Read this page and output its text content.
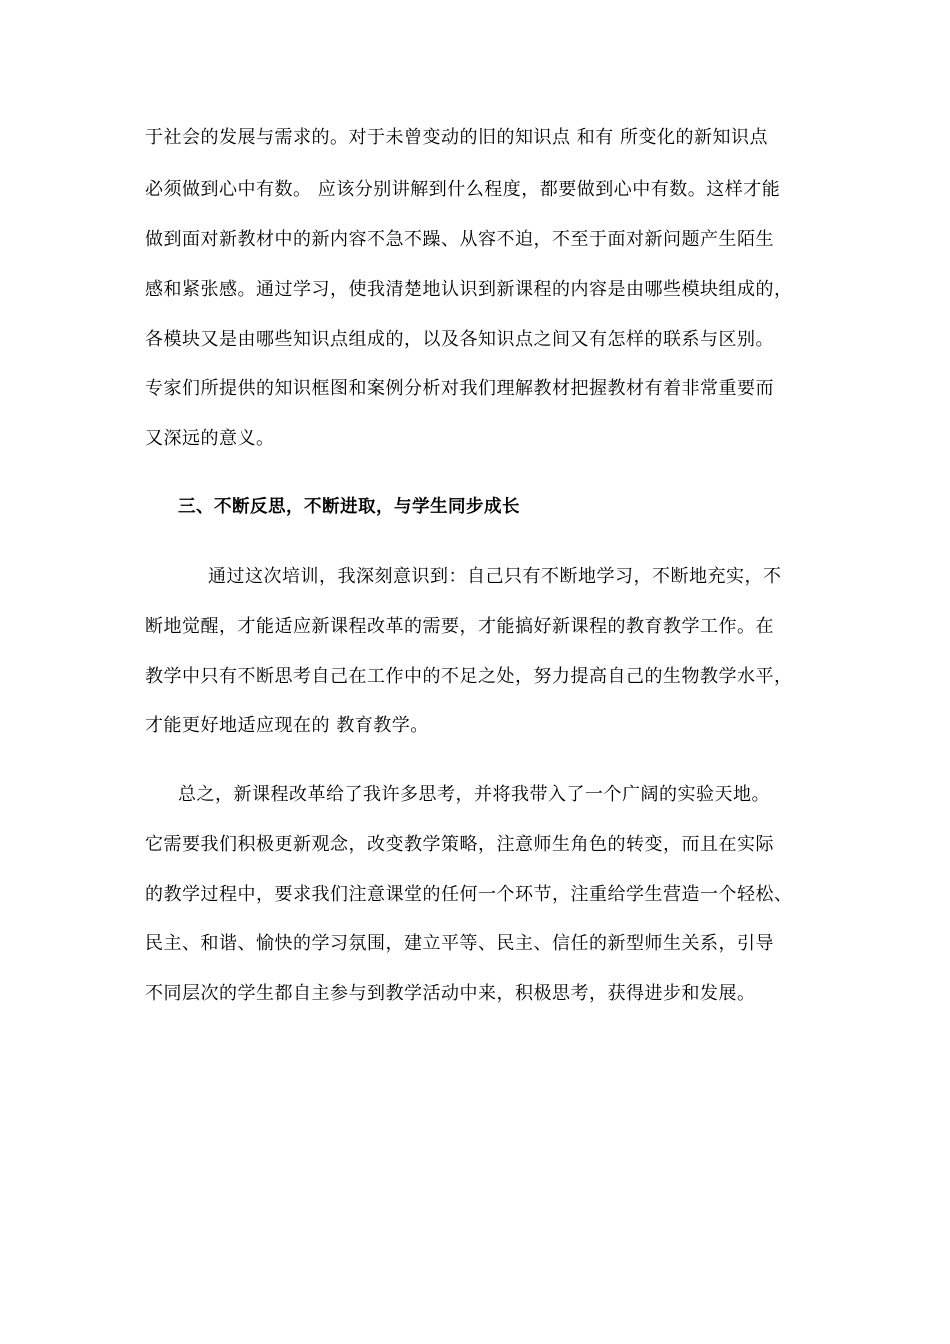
于社会的发展与需求的。对于未曾变动的旧的知识点 和有 所变化的新知识点
必须做到心中有数。 应该分别讲解到什么程度，都要做到心中有数。这样才能
做到面对新教材中的新内容不急不躁、从容不迫，不至于面对新问题产生陌生
感和紧张感。通过学习，使我清楚地认识到新课程的内容是由哪些模块组成的，
各模块又是由哪些知识点组成的，以及各知识点之间又有怎样的联系与区别。
专家们所提供的知识框图和案例分析对我们理解教材把握教材有着非常重要而
又深远的意义。
三、不断反思，不断进取，与学生同步成长
通过这次培训，我深刻意识到：自己只有不断地学习，不断地充实，不
断地觉醒，才能适应新课程改革的需要，才能搞好新课程的教育教学工作。在
教学中只有不断思考自己在工作中的不足之处，努力提高自己的生物教学水平，
才能更好地适应现在的 教育教学。
总之，新课程改革给了我许多思考，并将我带入了一个广阔的实验天地。
它需要我们积极更新观念，改变教学策略，注意师生角色的转变，而且在实际
的教学过程中，要求我们注意课堂的任何一个环节，注重给学生营造一个轻松、
民主、和谐、愉快的学习氛围，建立平等、民主、信任的新型师生关系，引导
不同层次的学生都自主参与到教学活动中来，积极思考，获得进步和发展。
